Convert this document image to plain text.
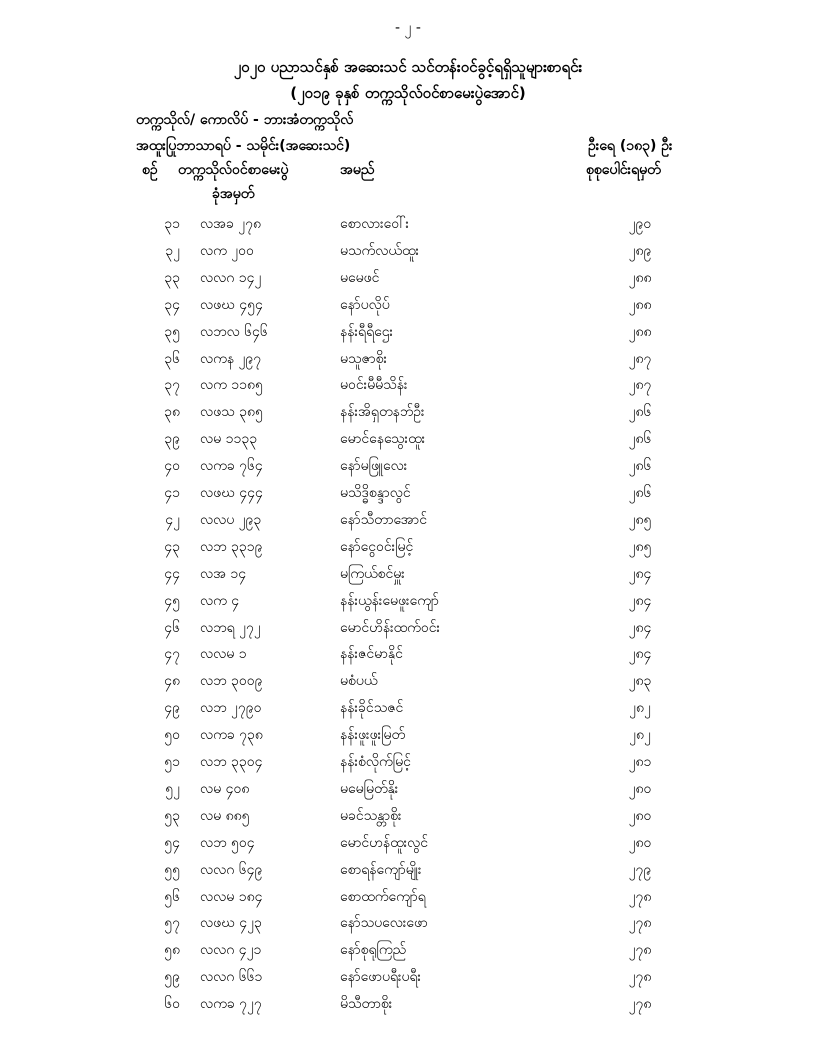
- ၂ -
၂၀၂၀ ပညာသင်နှစ် အဆေးသင် သင်တန်းဝင်ခွင့်ရရှိသူများစာရင်း
(၂၀၁၉ ခုနှစ် တက္ကသိုလ်ဝင်စာမေးပွဲအောင်)
တက္ကသိုလ်/ ကောလိပ် - ဘားအံတက္ကသိုလ်
အထူးပြုဘာသာရပ် - သမိုင်း(အဆေးသင်)	ဦးရေ (၁၈၃) ဦး
စဉ် တက္ကသိုလ်ဝင်စာမေးပွဲ
ခုံအမှတ်
အမည်	စုစုပေါင်းရမှတ်
၃၁ လအခ ၂၇၈	စောလားဝေါ်း	၂၉၀
၃၂ လက ၂၀၀	မသက်လယ်ထူး	၂၈၉
၃၃ လလဂ ၁၄၂	မမေဖင်	၂၈၈
၃၄ လဖဃ ၄၅၄	နော်ပလိုပ်	၂၈၈
၃၅ လဘလ ၆၄၆	နန်းရီရီဌေး	၂၈၈
၃၆ လကန ၂၉၇	မသူဇာစိုး	၂၈၇
၃၇ လက ၁၁၈၅	မဝင်းမီမီသိန်း	၂၈၇
၃၈ လဖသ ၃၈၅	နန်းအိရှတနဘ်ဦး	၂၈၆
၃၉ လမ ၁၁၃၃	မောင်နေသွေးထူး	၂၈၆
၄၀ လကခ ၇၆၄	နော်မဖြူလေး	၂၈၆
၄၁ လဖဃ ၄၄၄	မသိဒ္ဓိစန္ဒာလွင်	၂၈၆
၄၂ လလပ ၂၉၃	နော်သီတာအောင်	၂၈၅
၄၃ လဘ ၃၃၁၉	နော်ငွေဝင်းမြင့်	၂၈၅
၄၄ လအ ၁၄	မကြယ်စင်မှူး	၂၈၄
၄၅ လက ၄	နန်းယွန်းမေဖူးကျော်	၂၈၄
၄၆ လဘရ ၂၇၂	မောင်ဟိန်းထက်ဝင်း	၂၈၄
၄၇ လလမ ၁	နန်းဇင်မာနိုင်	၂၈၄
၄၈ လဘ ၃၀၀၉	မစံပယ်	၂၈၃
၄၉ လဘ ၂၇၉၀	နန်းခိုင်သဇင်	၂၈၂
၅၀ လကခ ၇၃၈	နန်းဖူးဖူးမြတ်	၂၈၂
၅၁ လဘ ၃၃၀၄	နန်းစံလိုက်မြင့်	၂၈၁
၅၂ လမ ၄၀၈	မမေမြတ်နိုး	၂၈၀
၅၃ လမ ၈၈၅	မခင်သန္တာစိုး	၂၈၀
၅၄ လဘ ၅၀၄	မောင်ဟန်ထူးလွင်	၂၈၀
၅၅ လလဂ ၆၄၉	စောရန်ကျော်မျိုး	၂၇၉
၅၆ လလမ ၁၈၄	စောထက်ကျော်ရ	၂၇၈
၅၇ လဖဃ ၄၂၃	နော်သပလေးဖော	၂၇၈
၅၈ လလဂ ၄၂၁	နော်စုရုကြည်	၂၇၈
၅၉ လလဂ ၆၆၁	နော်ဖောပရီးပရီး	၂၇၈
၆၀ လကခ ၇၂၇	မိသီတာစိုး	၂၇၈
